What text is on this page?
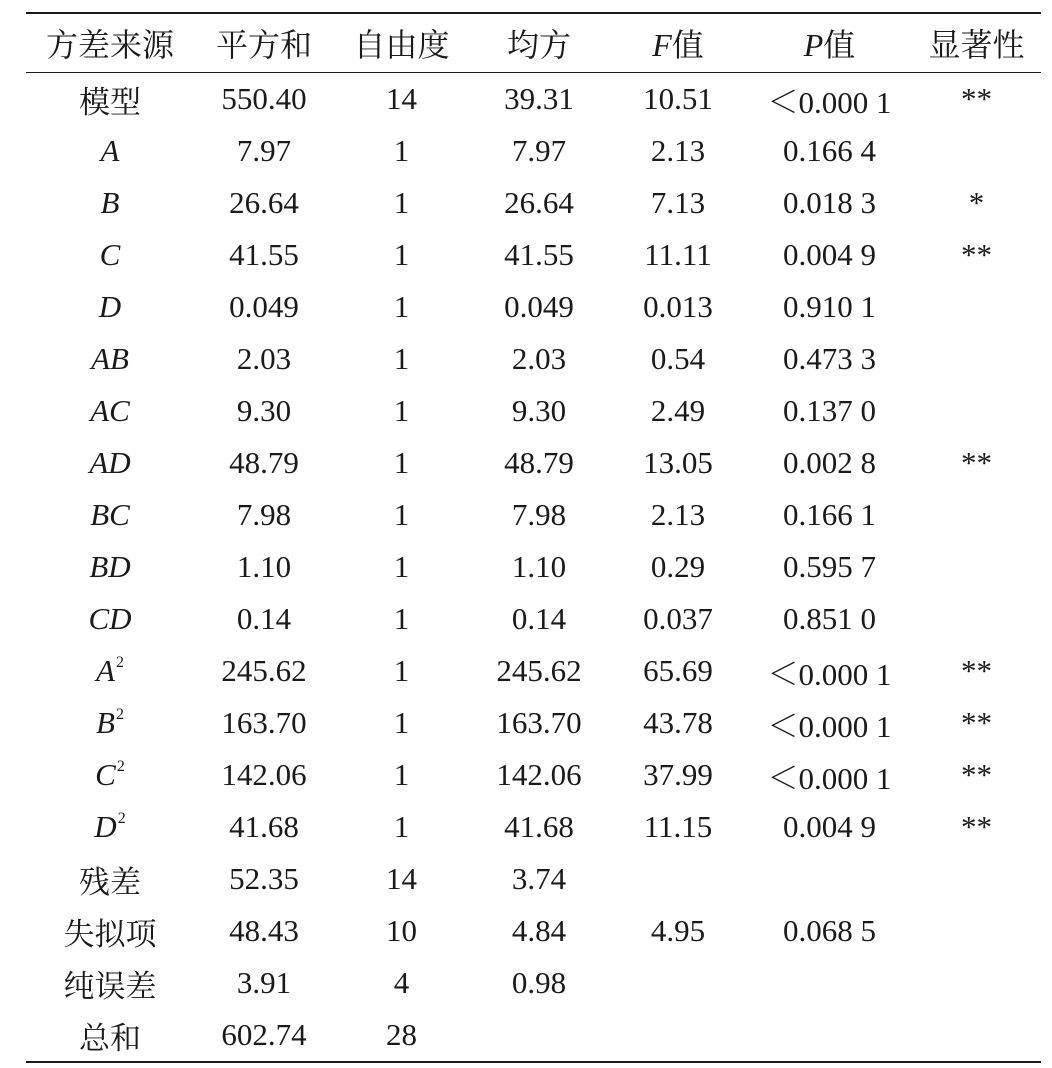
方差来源	平方和	自由度	均方	F值	P值	显著性
模型	550.40	14	39.31	10.51	＜0.000 1	**
A	7.97	1	7.97	2.13	0.166 4	
B	26.64	1	26.64	7.13	0.018 3	*
C	41.55	1	41.55	11.11	0.004 9	**
D	0.049	1	0.049	0.013	0.910 1	
AB	2.03	1	2.03	0.54	0.473 3	
AC	9.30	1	9.30	2.49	0.137 0	
AD	48.79	1	48.79	13.05	0.002 8	**
BC	7.98	1	7.98	2.13	0.166 1	
BD	1.10	1	1.10	0.29	0.595 7	
CD	0.14	1	0.14	0.037	0.851 0	
$A^2$	245.62	1	245.62	65.69	＜0.000 1	**
$B^2$	163.70	1	163.70	43.78	＜0.000 1	**
$C^2$	142.06	1	142.06	37.99	＜0.000 1	**
$D^2$	41.68	1	41.68	11.15	0.004 9	**
残差	52.35	14	3.74			
失拟项	48.43	10	4.84	4.95	0.068 5	
纯误差	3.91	4	0.98			
总和	602.74	28				
